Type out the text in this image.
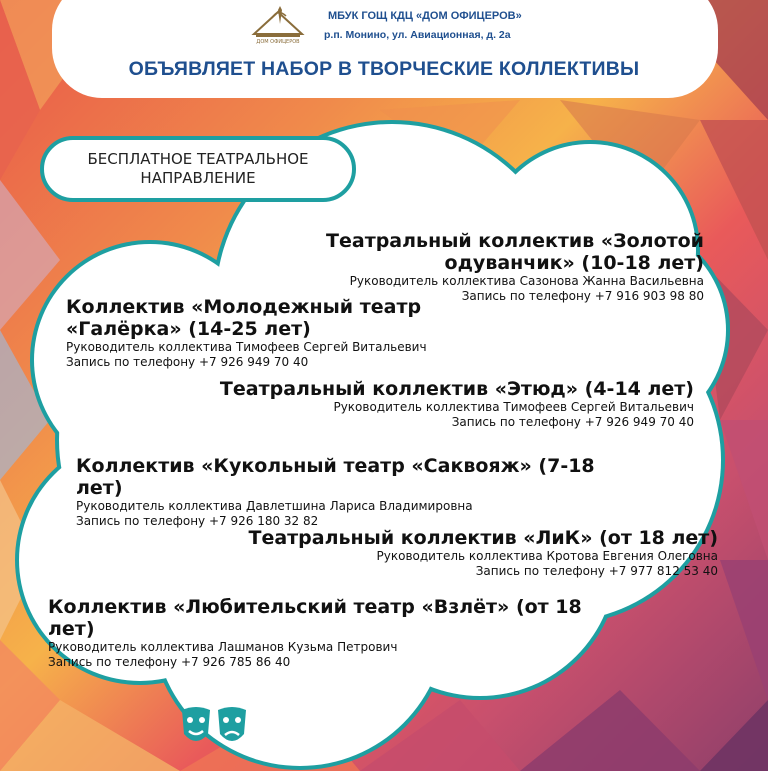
ДОМ ОФИЦЕРОВ
МБУК ГОЩ КДЦ «ДОМ ОФИЦЕРОВ»
р.п. Монино, ул. Авиационная, д. 2а
ОБЪЯВЛЯЕТ НАБОР В ТВОРЧЕСКИЕ КОЛЛЕКТИВЫ
БЕСПЛАТНОЕ ТЕАТРАЛЬНОЕ
НАПРАВЛЕНИЕ
Театральный коллектив «Золотой
одуванчик» (10-18 лет)
Руководитель коллектива Сазонова Жанна Васильевна
Запись по телефону +7 916 903 98 80
Коллектив «Молодежный театр
«Галёрка» (14-25 лет)
Руководитель коллектива Тимофеев Сергей Витальевич
Запись по телефону +7 926 949 70 40
Театральный коллектив «Этюд» (4-14 лет)
Руководитель коллектива Тимофеев Сергей Витальевич
Запись по телефону +7 926 949 70 40
Коллектив «Кукольный театр «Саквояж» (7-18 лет)
Руководитель коллектива Давлетшина Лариса Владимировна
Запись по телефону +7 926 180 32 82
Театральный коллектив «ЛиК» (от 18 лет)
Руководитель коллектива Кротова Евгения Олеговна
Запись по телефону +7 977 812 53 40
Коллектив «Любительский театр «Взлёт» (от 18 лет)
Руководитель коллектива Лашманов Кузьма Петрович
Запись по телефону +7 926 785 86 40
